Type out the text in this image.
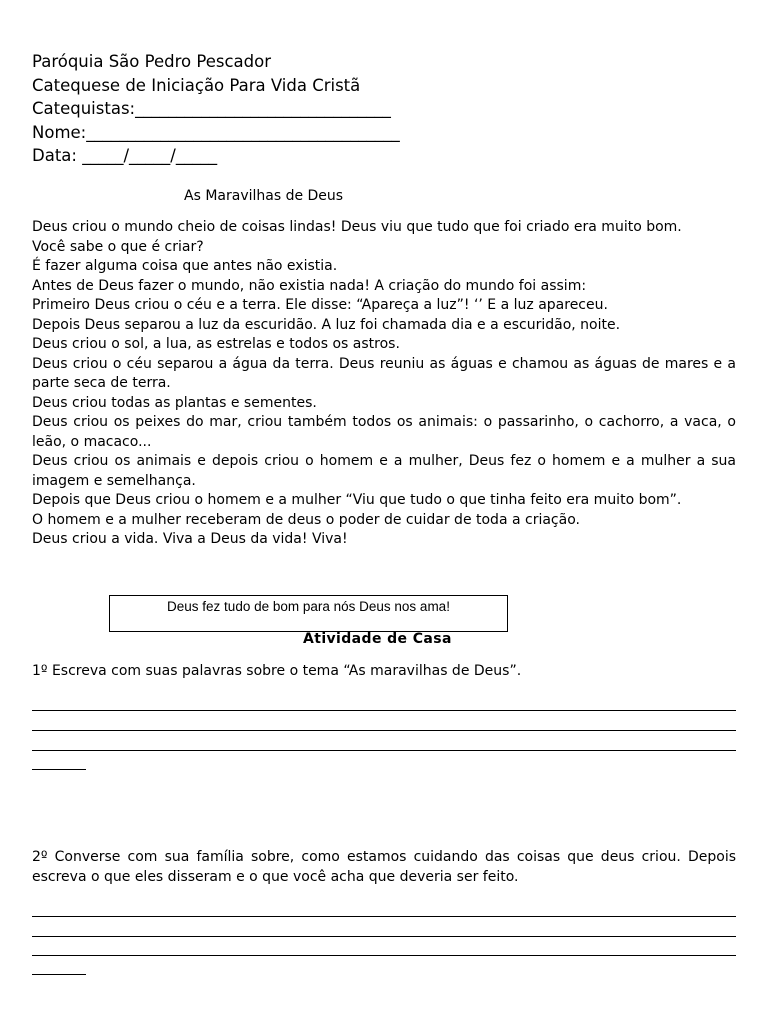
Paróquia São Pedro Pescador
Catequese de Iniciação Para Vida Cristã
Catequistas:_______________________________
Nome:______________________________________
Data: _____/_____/_____
As Maravilhas de Deus

Deus criou o mundo cheio de coisas lindas! Deus viu que tudo que foi criado era muito bom.

Você sabe o que é criar?

É fazer alguma coisa que antes não existia.

Antes de Deus fazer o mundo, não existia nada! A criação do mundo foi assim:

Primeiro Deus criou o céu e a terra. Ele disse: “Apareça a luz”! ‘’ E a luz apareceu.

Depois Deus separou a luz da escuridão. A luz foi chamada dia e a escuridão, noite.

Deus criou o sol, a lua, as estrelas e todos os astros.

Deus criou o céu separou a água da terra. Deus reuniu as águas e chamou as águas de mares e a parte seca de terra.

Deus criou todas as plantas e sementes.

Deus criou os peixes do mar, criou também todos os animais: o passarinho, o cachorro, a vaca, o leão, o macaco...

Deus criou os animais e depois criou o homem e a mulher, Deus fez o homem e a mulher a sua imagem e semelhança.

Depois que Deus criou o homem e a mulher “Viu que tudo o que tinha feito era muito bom”.

O homem e a mulher receberam de deus o poder de cuidar de toda a criação.

Deus criou a vida. Viva a Deus da vida! Viva!

Deus fez tudo de bom para nós Deus nos ama!
Atividade de Casa
1º Escreva com suas palavras sobre o tema “As maravilhas de Deus”.
2º Converse com sua família sobre, como estamos cuidando das coisas que deus criou. Depois escreva o que eles disseram e o que você acha que deveria ser feito.
